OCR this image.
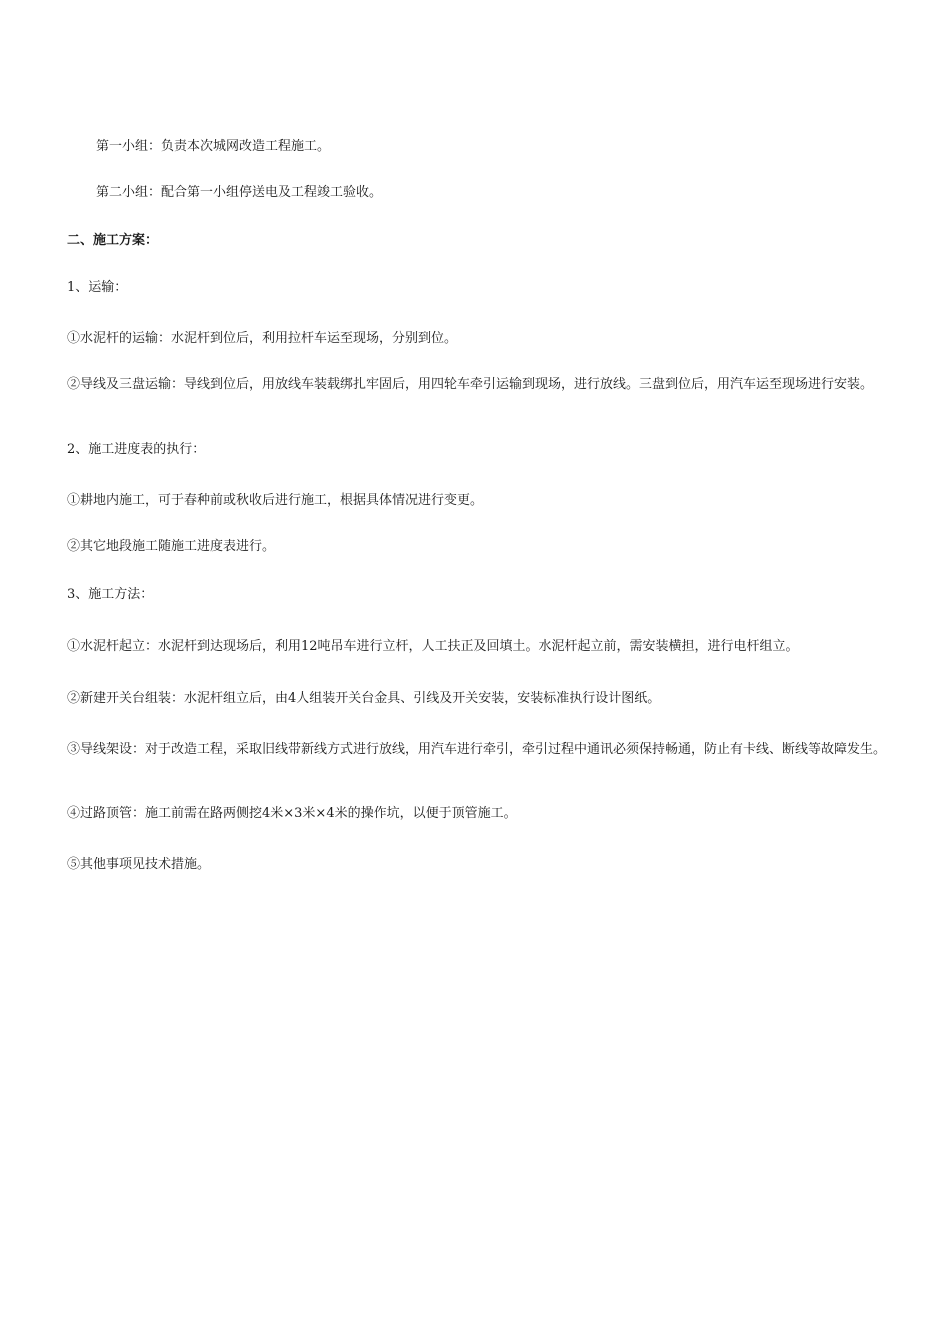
第一小组：负责本次城网改造工程施工。
第二小组：配合第一小组停送电及工程竣工验收。
二、施工方案：
1、运输：
①水泥杆的运输：水泥杆到位后，利用拉杆车运至现场，分别到位。
②导线及三盘运输：导线到位后，用放线车装载绑扎牢固后，用四轮车牵引运输到现场，进行放线。三盘到位后，用汽车运至现场进行安装。
2、施工进度表的执行：
①耕地内施工，可于春种前或秋收后进行施工，根据具体情况进行变更。
②其它地段施工随施工进度表进行。
3、施工方法：
①水泥杆起立：水泥杆到达现场后，利用12吨吊车进行立杆，人工扶正及回填土。水泥杆起立前，需安装横担，进行电杆组立。
②新建开关台组装：水泥杆组立后，由4人组装开关台金具、引线及开关安装，安装标准执行设计图纸。
③导线架设：对于改造工程，采取旧线带新线方式进行放线，用汽车进行牵引，牵引过程中通讯必须保持畅通，防止有卡线、断线等故障发生。
④过路顶管：施工前需在路两侧挖4米×3米×4米的操作坑，以便于顶管施工。
⑤其他事项见技术措施。
